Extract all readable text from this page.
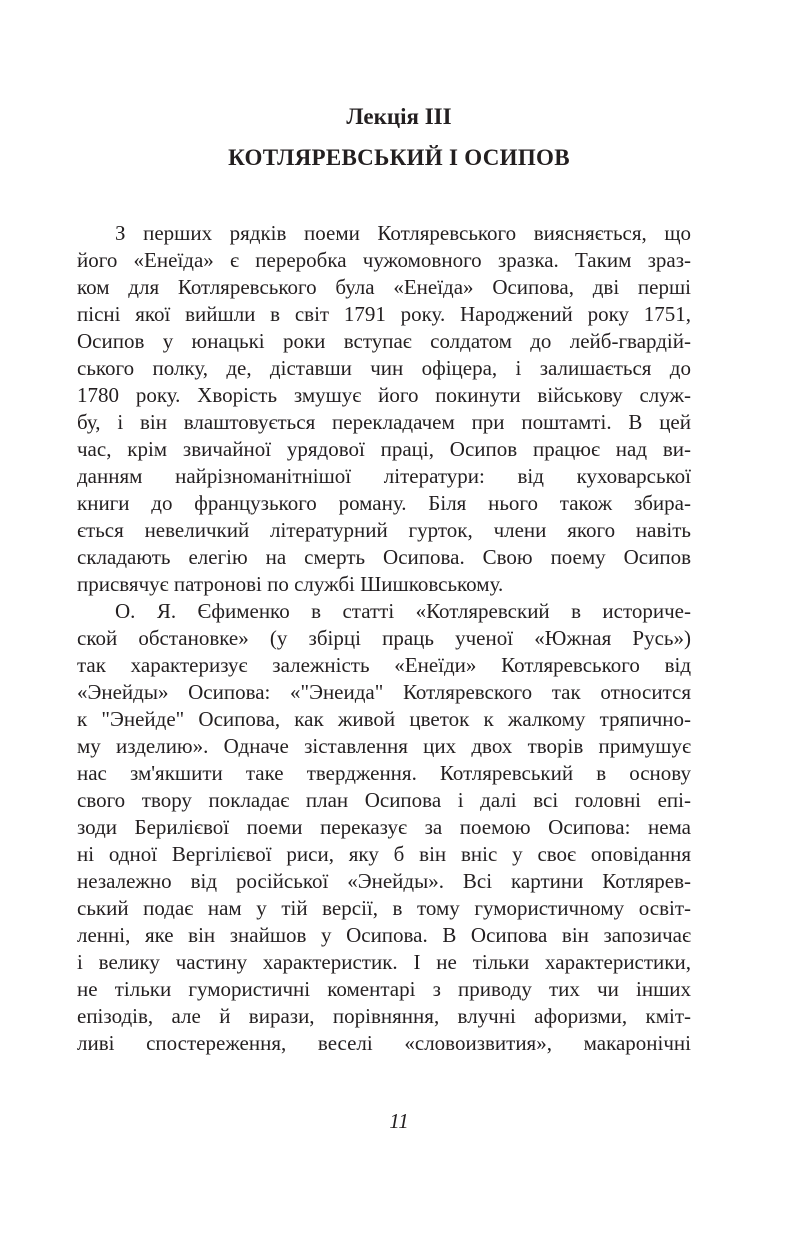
Лекція ІІІ
КОТЛЯРЕВСЬКИЙ І ОСИПОВ
З перших рядків поеми Котляревського виясняється, що
його «Енеїда» є переробка чужомовного зразка. Таким зраз-
ком для Котляревського була «Енеїда» Осипова, дві перші
пісні якої вийшли в світ 1791 року. Народжений року 1751,
Осипов у юнацькі роки вступає солдатом до лейб-гвардій-
ського полку, де, діставши чин офіцера, і залишається до
1780 року. Хворість змушує його покинути військову служ-
бу, і він влаштовується перекладачем при поштамті. В цей
час, крім звичайної урядової праці, Осипов працює над ви-
данням найрізноманітнішої літератури: від куховарської
книги до французького роману. Біля нього також збира-
ється невеличкий літературний гурток, члени якого навіть
складають елегію на смерть Осипова. Свою поему Осипов
присвячує патронові по службі Шишковському.
О. Я. Єфименко в статті «Котляревский в историче-
ской обстановке» (у збірці праць ученої «Южная Русь»)
так характеризує залежність «Енеїди» Котляревського від
«Энейды» Осипова: «"Энеида" Котляревского так относится
к "Энейде" Осипова, как живой цветок к жалкому тряпично-
му изделию». Одначе зіставлення цих двох творів примушує
нас зм'якшити таке твердження. Котляревський в основу
свого твору покладає план Осипова і далі всі головні епі-
зоди Берилієвої поеми переказує за поемою Осипова: нема
ні одної Вергілієвої риси, яку б він вніс у своє оповідання
незалежно від російської «Энейды». Всі картини Котлярев-
ський подає нам у тій версії, в тому гумористичному освіт-
ленні, яке він знайшов у Осипова. В Осипова він запозичає
і велику частину характеристик. І не тільки характеристики,
не тільки гумористичні коментарі з приводу тих чи інших
епізодів, але й вирази, порівняння, влучні афоризми, кміт-
ливі спостереження, веселі «словоизвития», макаронічні
11
